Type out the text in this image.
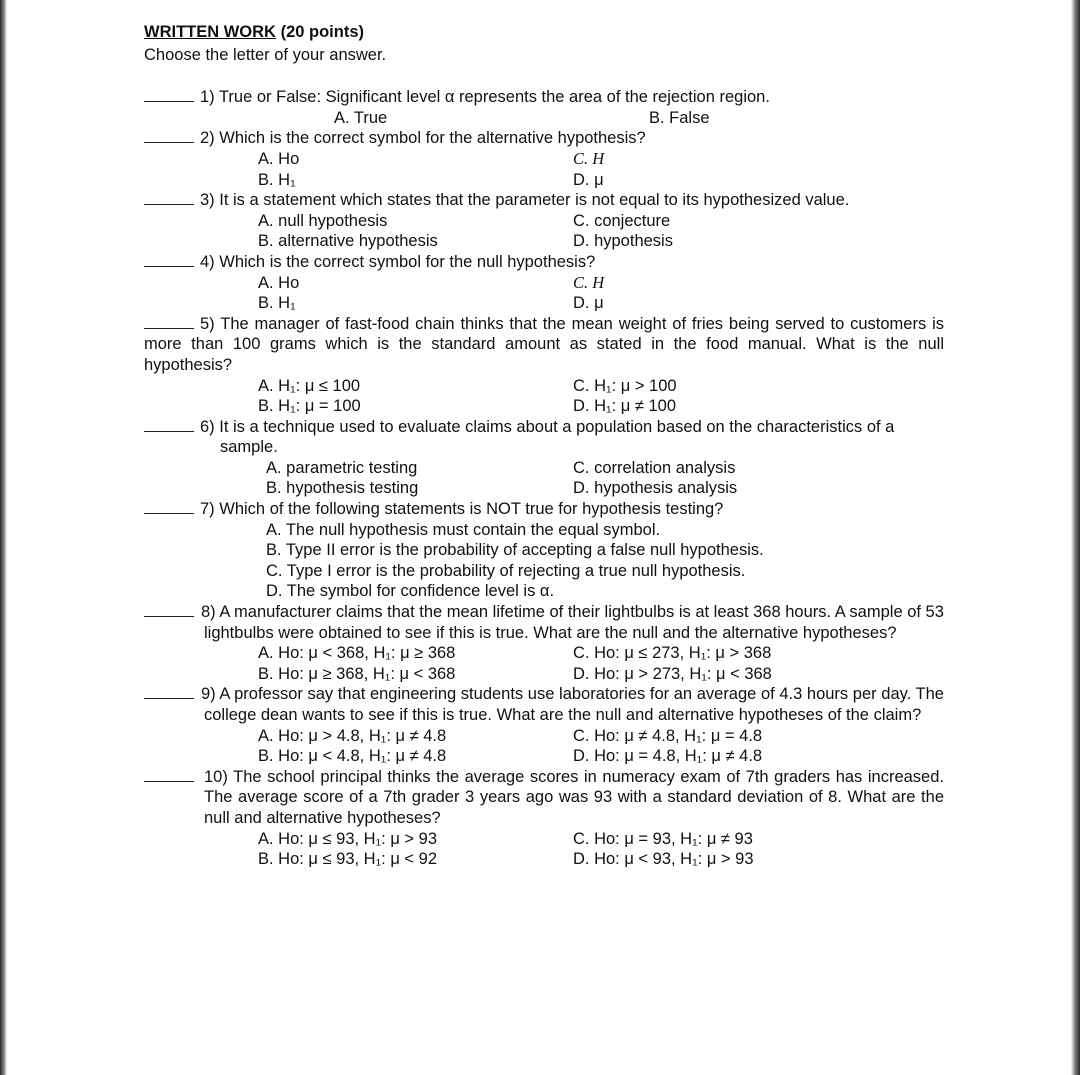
WRITTEN WORK (20 points)
Choose the letter of your answer.
1) True or False: Significant level α represents the area of the rejection region.
A. True	B. False
2) Which is the correct symbol for the alternative hypothesis?
A. Ho	C. H
B. H₁	D. μ
3) It is a statement which states that the parameter is not equal to its hypothesized value.
A. null hypothesis	C. conjecture
B. alternative hypothesis	D. hypothesis
4) Which is the correct symbol for the null hypothesis?
A. Ho	C. H
B. H₁	D. μ
5) The manager of fast-food chain thinks that the mean weight of fries being served to customers is more than 100 grams which is the standard amount as stated in the food manual. What is the null hypothesis?
A. H₁: μ ≤ 100	C. H₁: μ > 100
B. H₁: μ = 100	D. H₁: μ ≠ 100
6) It is a technique used to evaluate claims about a population based on the characteristics of a sample.
A. parametric testing	C. correlation analysis
B. hypothesis testing	D. hypothesis analysis
7) Which of the following statements is NOT true for hypothesis testing?
A. The null hypothesis must contain the equal symbol.
B. Type II error is the probability of accepting a false null hypothesis.
C. Type I error is the probability of rejecting a true null hypothesis.
D. The symbol for confidence level is α.
8) A manufacturer claims that the mean lifetime of their lightbulbs is at least 368 hours. A sample of 53 lightbulbs were obtained to see if this is true. What are the null and the alternative hypotheses?
A. Ho: μ < 368, H₁: μ ≥ 368	C. Ho: μ ≤ 273, H₁: μ > 368
B. Ho: μ ≥ 368, H₁: μ < 368	D. Ho: μ > 273, H₁: μ < 368
9) A professor say that engineering students use laboratories for an average of 4.3 hours per day. The college dean wants to see if this is true. What are the null and alternative hypotheses of the claim?
A. Ho: μ > 4.8, H₁: μ ≠ 4.8	C. Ho: μ ≠ 4.8, H₁: μ = 4.8
B. Ho: μ < 4.8, H₁: μ ≠ 4.8	D. Ho: μ = 4.8, H₁: μ ≠ 4.8
10) The school principal thinks the average scores in numeracy exam of 7th graders has increased. The average score of a 7th grader 3 years ago was 93 with a standard deviation of 8. What are the null and alternative hypotheses?
A. Ho: μ ≤ 93, H₁: μ > 93	C. Ho: μ = 93, H₁: μ ≠ 93
B. Ho: μ ≤ 93, H₁: μ < 92	D. Ho: μ < 93, H₁: μ > 93
